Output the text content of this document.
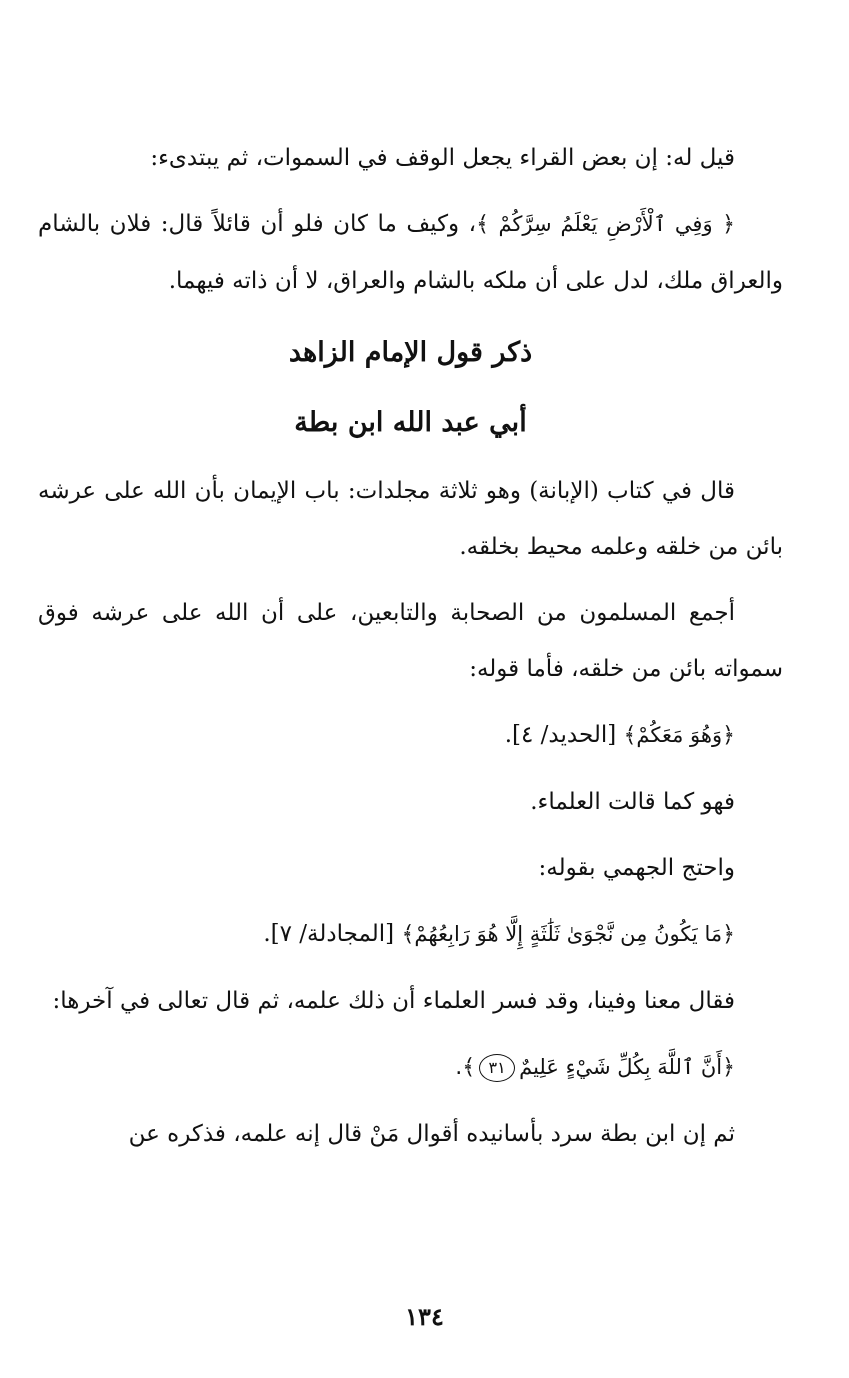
قيل له: إن بعض القراء يجعل الوقف في السموات، ثم يبتدىء:

﴿ وَفِي ٱلْأَرْضِ يَعْلَمُ سِرَّكُمْ ﴾، وكيف ما كان فلو أن قائلاً قال: فلان بالشام والعراق ملك، لدل على أن ملكه بالشام والعراق، لا أن ذاته فيهما.

ذكر قول الإمام الزاهد
أبي عبد الله ابن بطة

قال في كتاب (الإبانة) وهو ثلاثة مجلدات: باب الإيمان بأن الله على عرشه بائن من خلقه وعلمه محيط بخلقه.

أجمع المسلمون من الصحابة والتابعين، على أن الله على عرشه فوق سمواته بائن من خلقه، فأما قوله:

﴿وَهُوَ مَعَكُمْ﴾ [الحديد/ ٤].

فهو كما قالت العلماء.

واحتج الجهمي بقوله:

﴿مَا يَكُونُ مِن نَّجْوَىٰ ثَلَٰثَةٍ إِلَّا هُوَ رَابِعُهُمْ﴾ [المجادلة/ ٧].

فقال معنا وفينا، وقد فسر العلماء أن ذلك علمه، ثم قال تعالى في آخرها:

﴿أَنَّ ٱللَّهَ بِكُلِّ شَيْءٍ عَلِيمٌ٣١﴾.

ثم إن ابن بطة سرد بأسانيده أقوال مَنْ قال إنه علمه، فذكره عن

١٣٤
